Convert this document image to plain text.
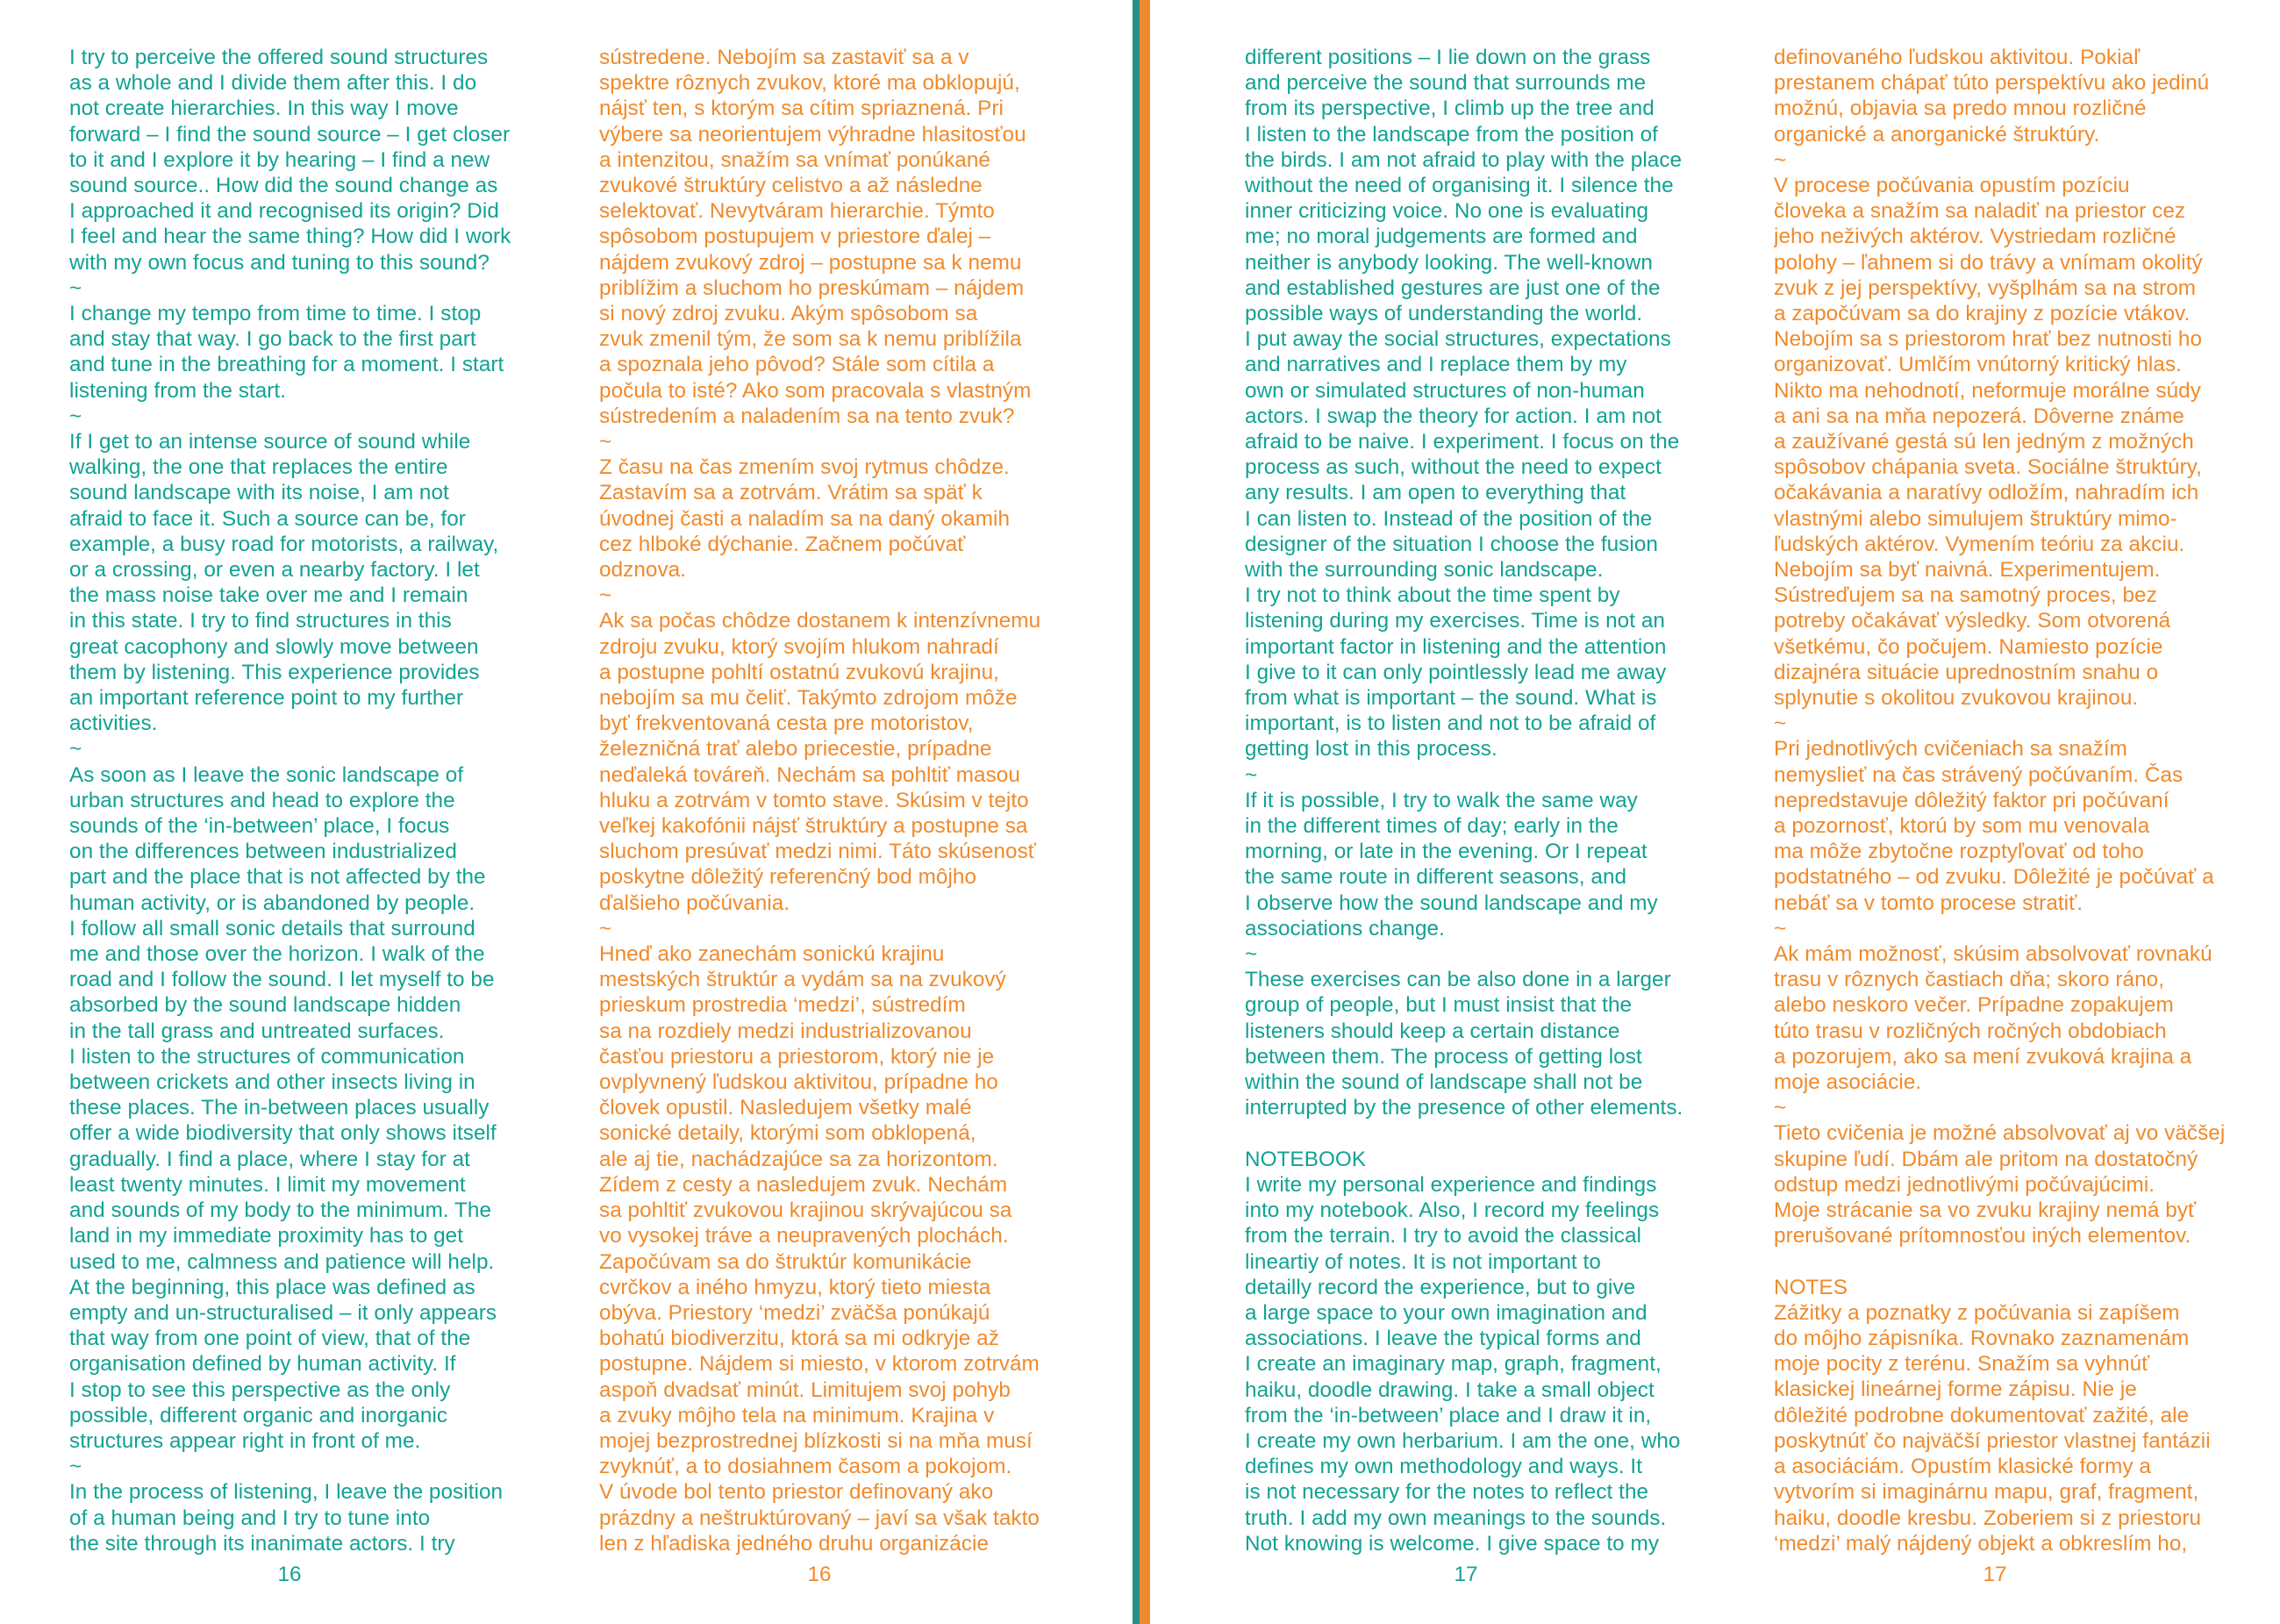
I try to perceive the offered sound structures
as a whole and I divide them after this. I do
not create hierarchies. In this way I move
forward – I find the sound source – I get closer
to it and I explore it by hearing – I find a new
sound source.. How did the sound change as
I approached it and recognised its origin? Did
I feel and hear the same thing? How did I work
with my own focus and tuning to this sound?

~

I change my tempo from time to time. I stop
and stay that way. I go back to the first part
and tune in the breathing for a moment. I start
listening from the start.

~

If I get to an intense source of sound while
walking, the one that replaces the entire
sound landscape with its noise, I am not
afraid to face it. Such a source can be, for
example, a busy road for motorists, a railway,
or a crossing, or even a nearby factory. I let
the mass noise take over me and I remain
in this state. I try to find structures in this
great cacophony and slowly move between
them by listening. This experience provides
an important reference point to my further
activities.

~

As soon as I leave the sonic landscape of
urban structures and head to explore the
sounds of the ‘in-between’ place, I focus
on the differences between industrialized
part and the place that is not affected by the
human activity, or is abandoned by people.
I follow all small sonic details that surround
me and those over the horizon. I walk of the
road and I follow the sound. I let myself to be
absorbed by the sound landscape hidden
in the tall grass and untreated surfaces.
I listen to the structures of communication
between crickets and other insects living in
these places. The in-between places usually
offer a wide biodiversity that only shows itself
gradually. I find a place, where I stay for at
least twenty minutes. I limit my movement
and sounds of my body to the minimum. The
land in my immediate proximity has to get
used to me, calmness and patience will help.
At the beginning, this place was defined as
empty and un-structuralised – it only appears
that way from one point of view, that of the
organisation defined by human activity. If
I stop to see this perspective as the only
possible, different organic and inorganic
structures appear right in front of me.

~

In the process of listening, I leave the position
of a human being and I try to tune into
the site through its inanimate actors. I try

sústredene. Nebojím sa zastaviť sa a v
spektre rôznych zvukov, ktoré ma obklopujú,
nájsť ten, s ktorým sa cítim spriaznená. Pri
výbere sa neorientujem výhradne hlasitosťou
a intenzitou, snažím sa vnímať ponúkané
zvukové štruktúry celistvo a až následne
selektovať. Nevytváram hierarchie. Týmto
spôsobom postupujem v priestore ďalej –
nájdem zvukový zdroj – postupne sa k nemu
priblížim a sluchom ho preskúmam – nájdem
si nový zdroj zvuku. Akým spôsobom sa
zvuk zmenil tým, že som sa k nemu priblížila
a spoznala jeho pôvod? Stále som cítila a
počula to isté? Ako som pracovala s vlastným
sústredením a naladením sa na tento zvuk?

~

Z času na čas zmením svoj rytmus chôdze.
Zastavím sa a zotrvám. Vrátim sa späť k
úvodnej časti a naladím sa na daný okamih
cez hlboké dýchanie. Začnem počúvať
odznova.

~

Ak sa počas chôdze dostanem k intenzívnemu
zdroju zvuku, ktorý svojím hlukom nahradí
a postupne pohltí ostatnú zvukovú krajinu,
nebojím sa mu čeliť. Takýmto zdrojom môže
byť frekventovaná cesta pre motoristov,
železničná trať alebo priecestie, prípadne
neďaleká továreň. Nechám sa pohltiť masou
hluku a zotrvám v tomto stave. Skúsim v tejto
veľkej kakofónii nájsť štruktúry a postupne sa
sluchom presúvať medzi nimi. Táto skúsenosť
poskytne dôležitý referenčný bod môjho
ďalšieho počúvania.

~

Hneď ako zanechám sonickú krajinu
mestských štruktúr a vydám sa na zvukový
prieskum prostredia ‘medzi’, sústredím
sa na rozdiely medzi industrializovanou
časťou priestoru a priestorom, ktorý nie je
ovplyvnený ľudskou aktivitou, prípadne ho
človek opustil. Nasledujem všetky malé
sonické detaily, ktorými som obklopená,
ale aj tie, nachádzajúce sa za horizontom.
Zídem z cesty a nasledujem zvuk. Nechám
sa pohltiť zvukovou krajinou skrývajúcou sa
vo vysokej tráve a neupravených plochách.
Započúvam sa do štruktúr komunikácie
cvrčkov a iného hmyzu, ktorý tieto miesta
obýva. Priestory ‘medzi’ zväčša ponúkajú
bohatú biodiverzitu, ktorá sa mi odkryje až
postupne. Nájdem si miesto, v ktorom zotrvám
aspoň dvadsať minút. Limitujem svoj pohyb
a zvuky môjho tela na minimum. Krajina v
mojej bezprostrednej blízkosti si na mňa musí
zvyknúť, a to dosiahnem časom a pokojom.
V úvode bol tento priestor definovaný ako
prázdny a neštruktúrovaný – javí sa však takto
len z hľadiska jedného druhu organizácie

16	16

different positions – I lie down on the grass
and perceive the sound that surrounds me
from its perspective, I climb up the tree and
I listen to the landscape from the position of
the birds. I am not afraid to play with the place
without the need of organising it. I silence the
inner criticizing voice. No one is evaluating
me; no moral judgements are formed and
neither is anybody looking. The well-known
and established gestures are just one of the
possible ways of understanding the world.
I put away the social structures, expectations
and narratives and I replace them by my
own or simulated structures of non-human
actors. I swap the theory for action. I am not
afraid to be naive. I experiment. I focus on the
process as such, without the need to expect
any results. I am open to everything that
I can listen to. Instead of the position of the
designer of the situation I choose the fusion
with the surrounding sonic landscape.
I try not to think about the time spent by
listening during my exercises. Time is not an
important factor in listening and the attention
I give to it can only pointlessly lead me away
from what is important – the sound. What is
important, is to listen and not to be afraid of
getting lost in this process.

~

If it is possible, I try to walk the same way
in the different times of day; early in the
morning, or late in the evening. Or I repeat
the same route in different seasons, and
I observe how the sound landscape and my
associations change.

~

These exercises can be also done in a larger
group of people, but I must insist that the
listeners should keep a certain distance
between them. The process of getting lost
within the sound of landscape shall not be
interrupted by the presence of other elements.

NOTEBOOK

I write my personal experience and findings
into my notebook. Also, I record my feelings
from the terrain. I try to avoid the classical
lineartiy of notes. It is not important to
detailly record the experience, but to give
a large space to your own imagination and
associations. I leave the typical forms and
I create an imaginary map, graph, fragment,
haiku, doodle drawing. I take a small object
from the ‘in-between’ place and I draw it in,
I create my own herbarium. I am the one, who
defines my own methodology and ways. It
is not necessary for the notes to reflect the
truth. I add my own meanings to the sounds.
Not knowing is welcome. I give space to my

definovaného ľudskou aktivitou. Pokiaľ
prestanem chápať túto perspektívu ako jedinú
možnú, objavia sa predo mnou rozličné
organické a anorganické štruktúry.

~

V procese počúvania opustím pozíciu
človeka a snažím sa naladiť na priestor cez
jeho neživých aktérov. Vystriedam rozličné
polohy – ľahnem si do trávy a vnímam okolitý
zvuk z jej perspektívy, vyšplhám sa na strom
a započúvam sa do krajiny z pozície vtákov.
Nebojím sa s priestorom hrať bez nutnosti ho
organizovať. Umlčím vnútorný kritický hlas.
Nikto ma nehodnotí, neformuje morálne súdy
a ani sa na mňa nepozerá. Dôverne známe
a zaužívané gestá sú len jedným z možných
spôsobov chápania sveta. Sociálne štruktúry,
očakávania a naratívy odložím, nahradím ich
vlastnými alebo simulujem štruktúry mimo-
ľudských aktérov. Vymením teóriu za akciu.
Nebojím sa byť naivná. Experimentujem.
Sústreďujem sa na samotný proces, bez
potreby očakávať výsledky. Som otvorená
všetkému, čo počujem. Namiesto pozície
dizajnéra situácie uprednostním snahu o
splynutie s okolitou zvukovou krajinou.

~

Pri jednotlivých cvičeniach sa snažím
nemyslieť na čas strávený počúvaním. Čas
nepredstavuje dôležitý faktor pri počúvaní
a pozornosť, ktorú by som mu venovala
ma môže zbytočne rozptyľovať od toho
podstatného – od zvuku. Dôležité je počúvať a
nebáť sa v tomto procese stratiť.

~

Ak mám možnosť, skúsim absolvovať rovnakú
trasu v rôznych častiach dňa; skoro ráno,
alebo neskoro večer. Prípadne zopakujem
túto trasu v rozličných ročných obdobiach
a pozorujem, ako sa mení zvuková krajina a
moje asociácie.

~

Tieto cvičenia je možné absolvovať aj vo väčšej
skupine ľudí. Dbám ale pritom na dostatočný
odstup medzi jednotlivými počúvajúcimi.
Moje strácanie sa vo zvuku krajiny nemá byť
prerušované prítomnosťou iných elementov.

NOTES

Zážitky a poznatky z počúvania si zapíšem
do môjho zápisníka. Rovnako zaznamenám
moje pocity z terénu. Snažím sa vyhnúť
klasickej lineárnej forme zápisu. Nie je
dôležité podrobne dokumentovať zažité, ale
poskytnúť čo najväčší priestor vlastnej fantázii
a asociáciám. Opustím klasické formy a
vytvorím si imaginárnu mapu, graf, fragment,
haiku, doodle kresbu. Zoberiem si z priestoru
‘medzi’ malý nájdený objekt a obkreslím ho,

17	17
